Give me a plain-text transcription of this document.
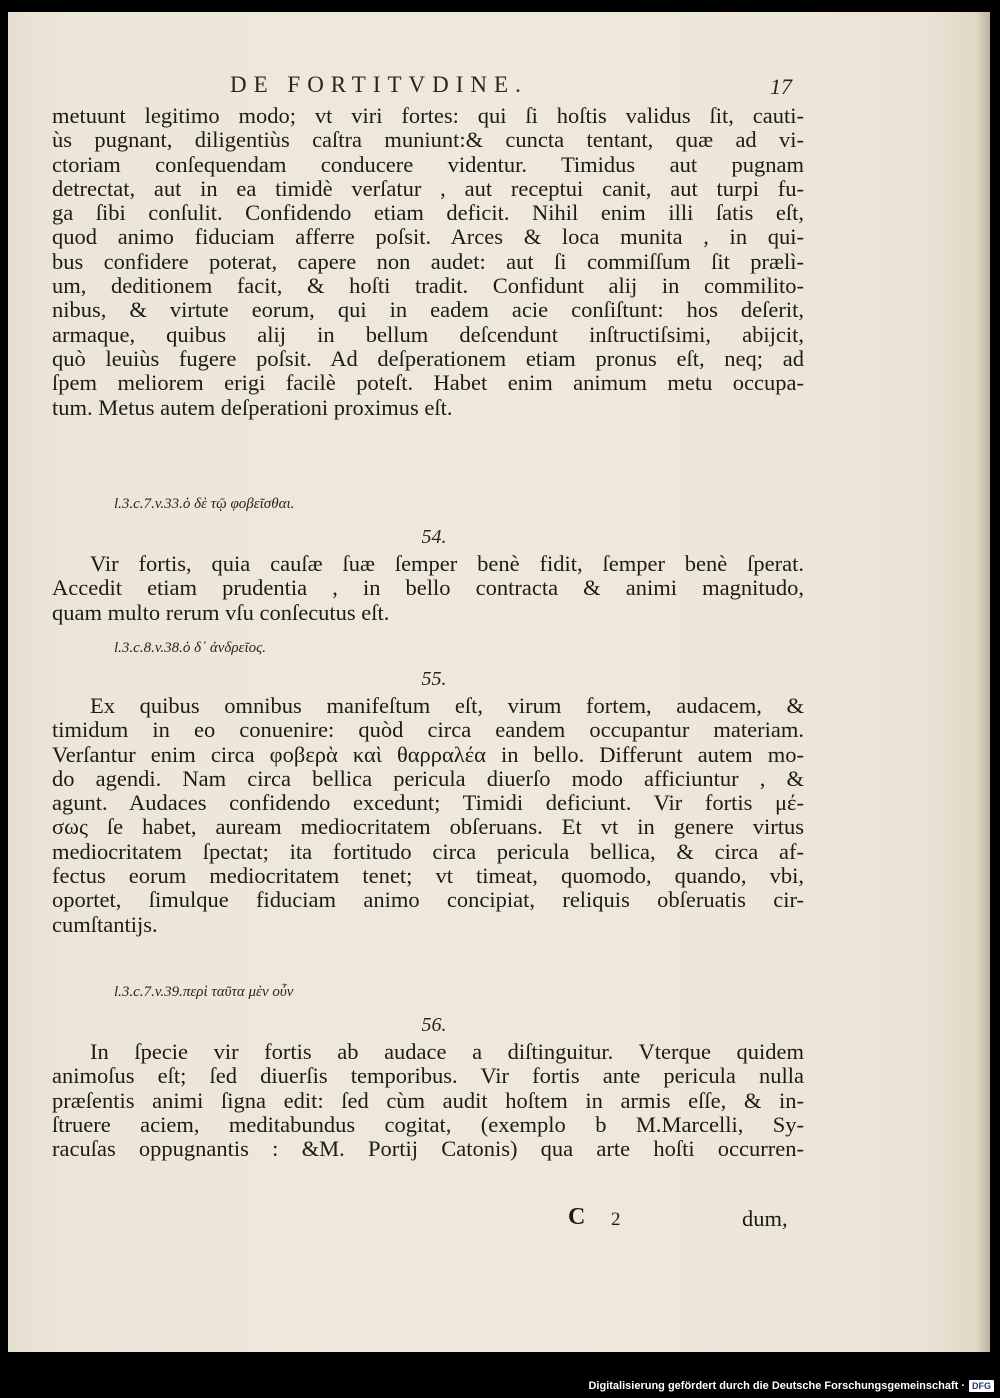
DE FORTITVDINE.	17
metuunt legitimo modo; vt viri fortes: qui ſi hoſtis validus ſit, cauti-
ùs pugnant, diligentiùs caſtra muniunt:& cuncta tentant, quæ ad vi-
ctoriam conſequendam conducere videntur. Timidus aut pugnam
detrectat, aut in ea timidè verſatur , aut receptui canit, aut turpi fu-
ga ſibi conſulit. Confidendo etiam deficit. Nihil enim illi ſatis eſt,
quod animo fiduciam afferre poſsit. Arces & loca munita , in qui-
bus confidere poterat, capere non audet: aut ſi commiſſum ſit prælì-
um, deditionem facit, & hoſti tradit. Confidunt alij in commilito-
nibus, & virtute eorum, qui in eadem acie conſiſtunt: hos deſerit,
armaque, quibus alij in bellum deſcendunt inſtructiſsimi, abijcit,
quò leuiùs fugere poſsit. Ad deſperationem etiam pronus eſt, neq; ad
ſpem meliorem erigi facilè poteſt. Habet enim animum metu occupa-
tum. Metus autem deſperationi proximus eſt.
l.3.c.7.v.33.ὁ δὲ τῷ φοβεῖσθαι.
54.
Vir fortis, quia cauſæ ſuæ ſemper benè fidit, ſemper benè ſperat.
Accedit etiam prudentia , in bello contracta & animi magnitudo,
quam multo rerum vſu conſecutus eſt.
l.3.c.8.v.38.ὁ δ᾽ ἀνδρεῖος.
55.
Ex quibus omnibus manifeſtum eſt, virum fortem, audacem, &
timidum in eo conuenire: quòd circa eandem occupantur materiam.
Verſantur enim circa φοβερὰ καὶ θαρραλέα in bello. Differunt autem mo-
do agendi. Nam circa bellica pericula diuerſo modo afficiuntur , &
agunt. Audaces confidendo excedunt; Timidi deficiunt. Vir fortis μέ-
σως ſe habet, auream mediocritatem obſeruans. Et vt in genere virtus
mediocritatem ſpectat; ita fortitudo circa pericula bellica, & circa af-
fectus eorum mediocritatem tenet; vt timeat, quomodo, quando, vbi,
oportet, ſimulque fiduciam animo concipiat, reliquis obſeruatis cir-
cumſtantijs.
l.3.c.7.v.39.περὶ ταῦτα μὲν οὖν
56.
In ſpecie vir fortis ab audace a diſtinguitur. Vterque quidem
animoſus eſt; ſed diuerſis temporibus. Vir fortis ante pericula nulla
præſentis animi ſigna edit: ſed cùm audit hoſtem in armis eſſe, & in-
ſtruere aciem, meditabundus cogitat, (exemplo b M.Marcelli, Sy-
racuſas oppugnantis : &M. Portij Catonis) qua arte hoſti occurren-
C 2	dum,
Digitalisierung gefördert durch die Deutsche Forschungsgemeinschaft · DFG
